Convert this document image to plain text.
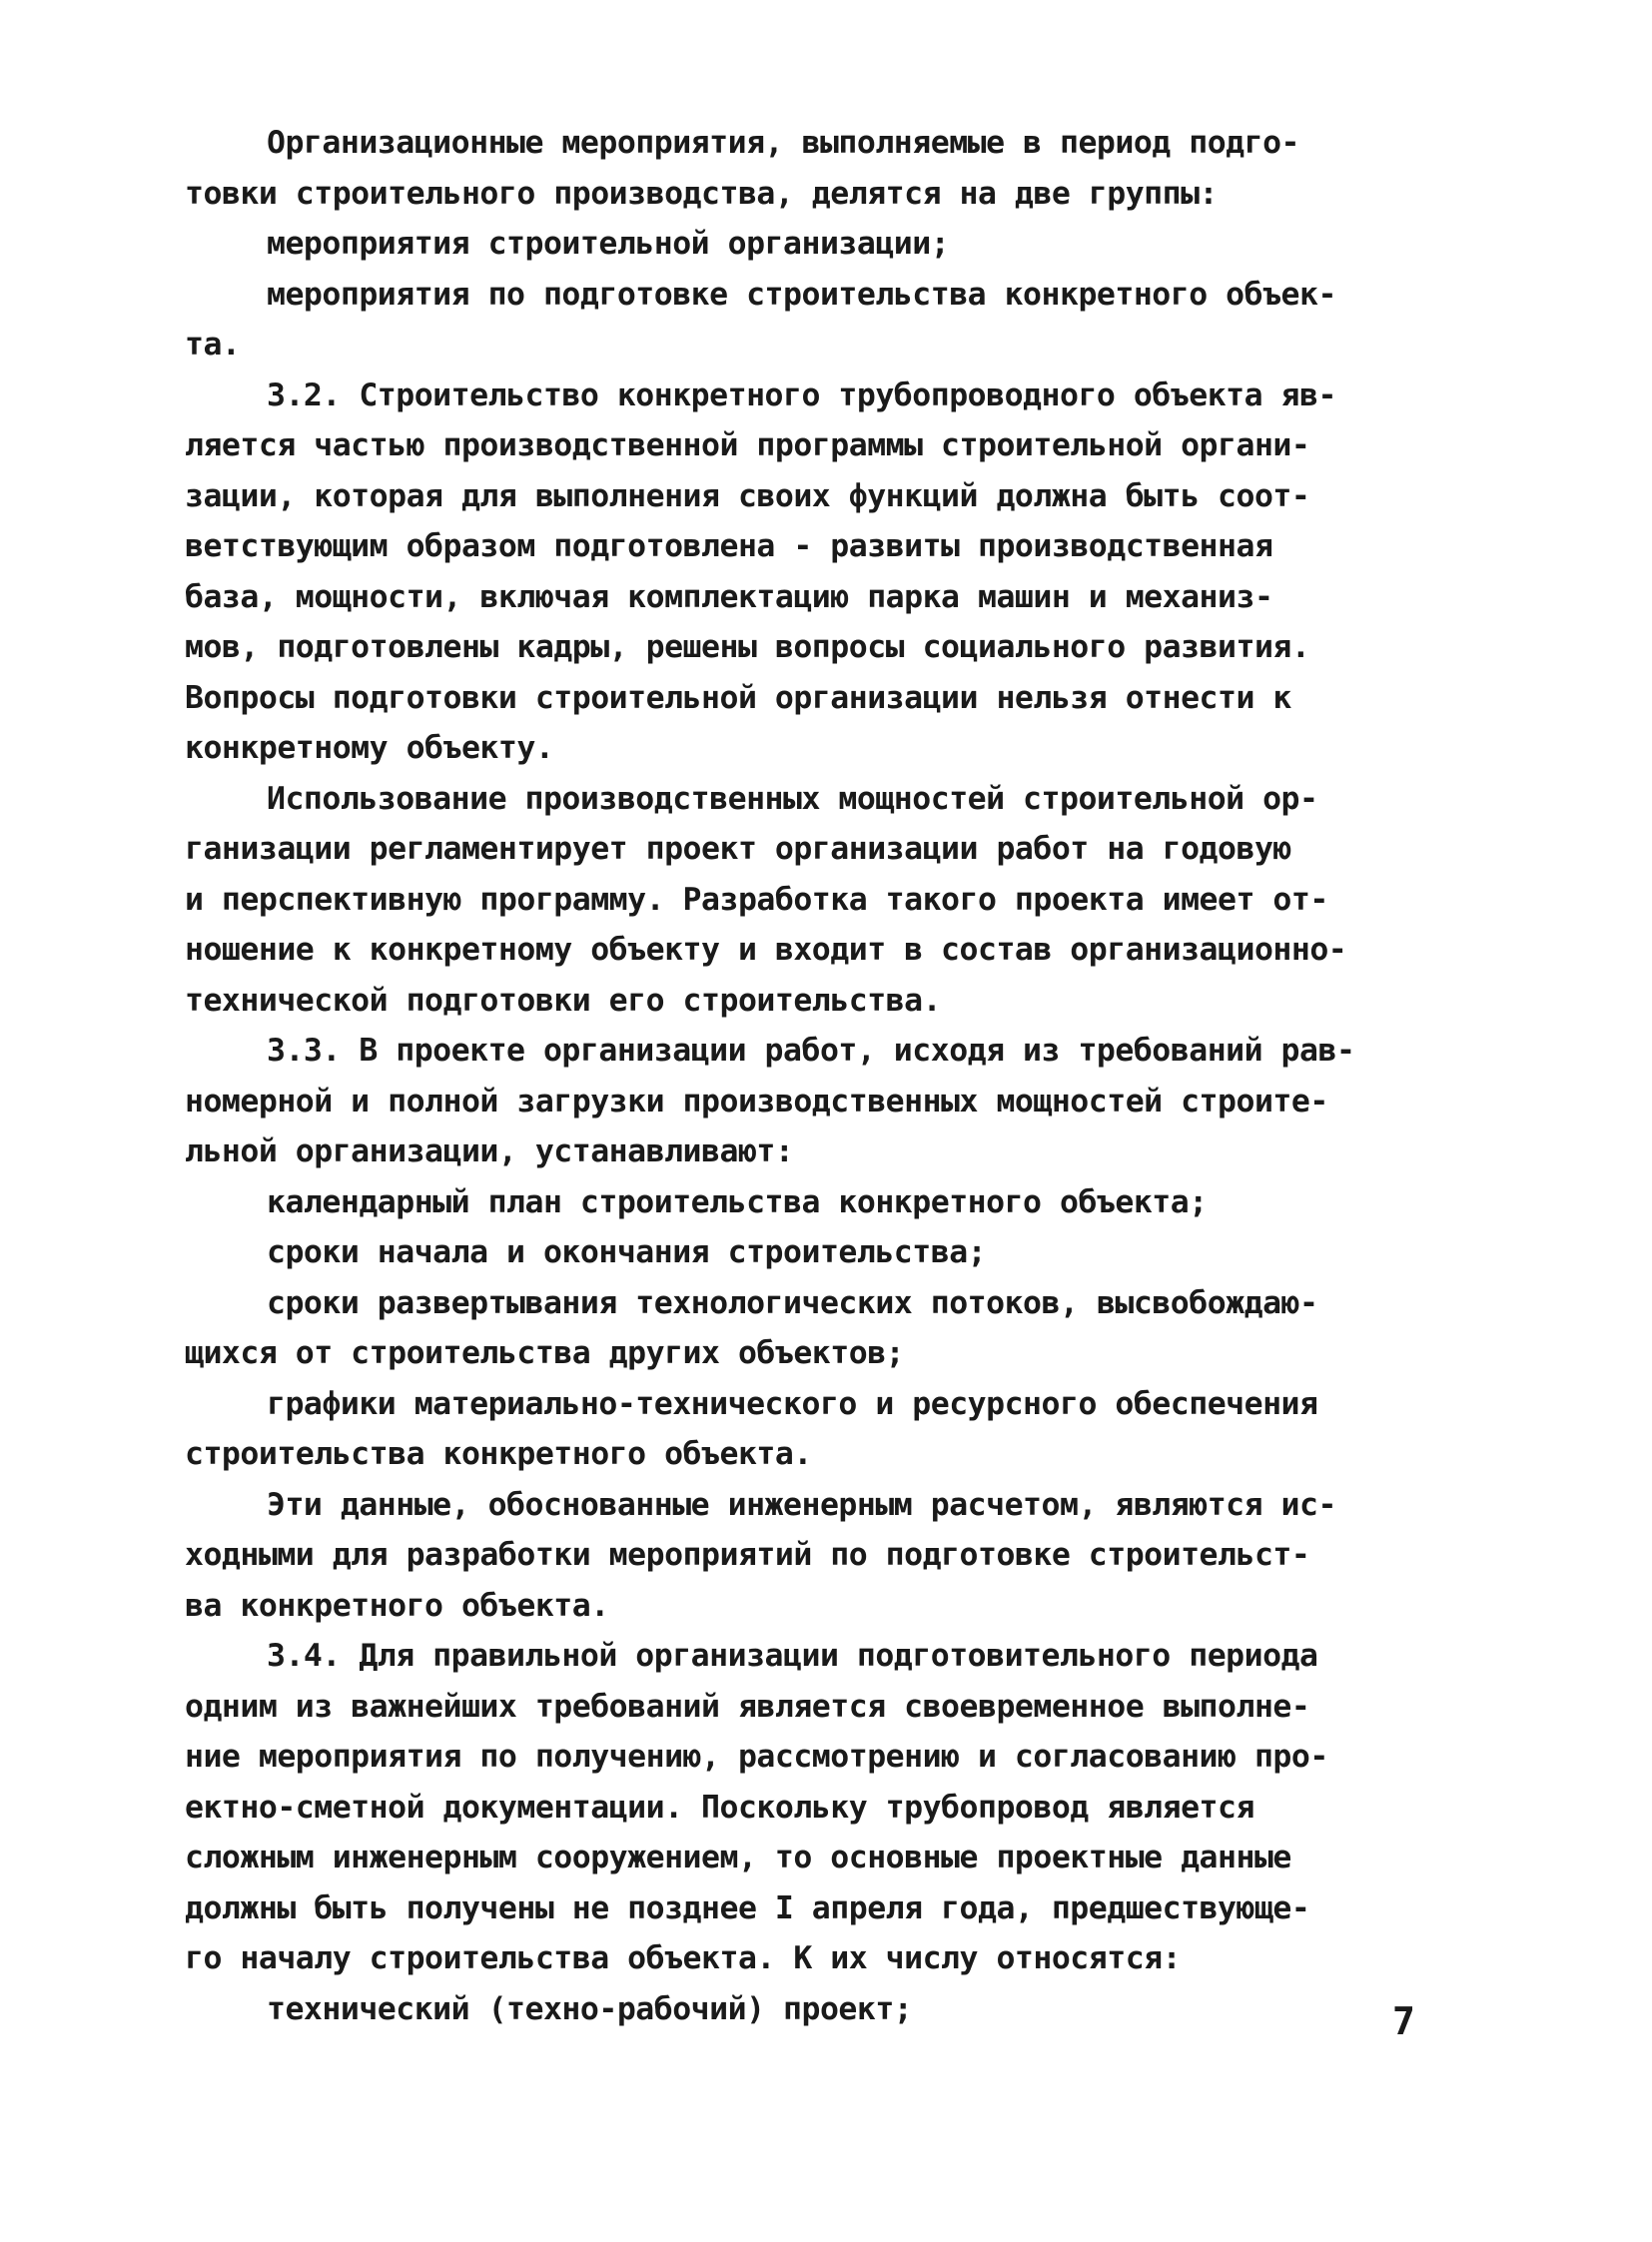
Организационные мероприятия, выполняемые в период подго-
товки строительного производства, делятся на две группы:
мероприятия строительной организации;
мероприятия по подготовке строительства конкретного объек-
та.
3.2. Строительство конкретного трубопроводного объекта яв-
ляется частью производственной программы строительной органи-
зации, которая для выполнения своих функций должна быть соот-
ветствующим образом подготовлена - развиты производственная
база, мощности, включая комплектацию парка машин и механиз-
мов, подготовлены кадры, решены вопросы социального развития.
Вопросы подготовки строительной организации нельзя отнести к
конкретному объекту.
Использование производственных мощностей строительной ор-
ганизации регламентирует проект организации работ на годовую
и перспективную программу. Разработка такого проекта имеет от-
ношение к конкретному объекту и входит в состав организационно-
технической подготовки его строительства.
3.3. В проекте организации работ, исходя из требований рав-
номерной и полной загрузки производственных мощностей строите-
льной организации, устанавливают:
календарный план строительства конкретного объекта;
сроки начала и окончания строительства;
сроки развертывания технологических потоков, высвобождаю-
щихся от строительства других объектов;
графики материально-технического и ресурсного обеспечения
строительства конкретного объекта.
Эти данные, обоснованные инженерным расчетом, являются ис-
ходными для разработки мероприятий по подготовке строительст-
ва конкретного объекта.
3.4. Для правильной организации подготовительного периода
одним из важнейших требований является своевременное выполне-
ние мероприятия по получению, рассмотрению и согласованию про-
ектно-сметной документации. Поскольку трубопровод является
сложным инженерным сооружением, то основные проектные данные
должны быть получены не позднее I апреля года, предшествующе-
го началу строительства объекта. К их числу относятся:
технический (техно-рабочий) проект;	7
